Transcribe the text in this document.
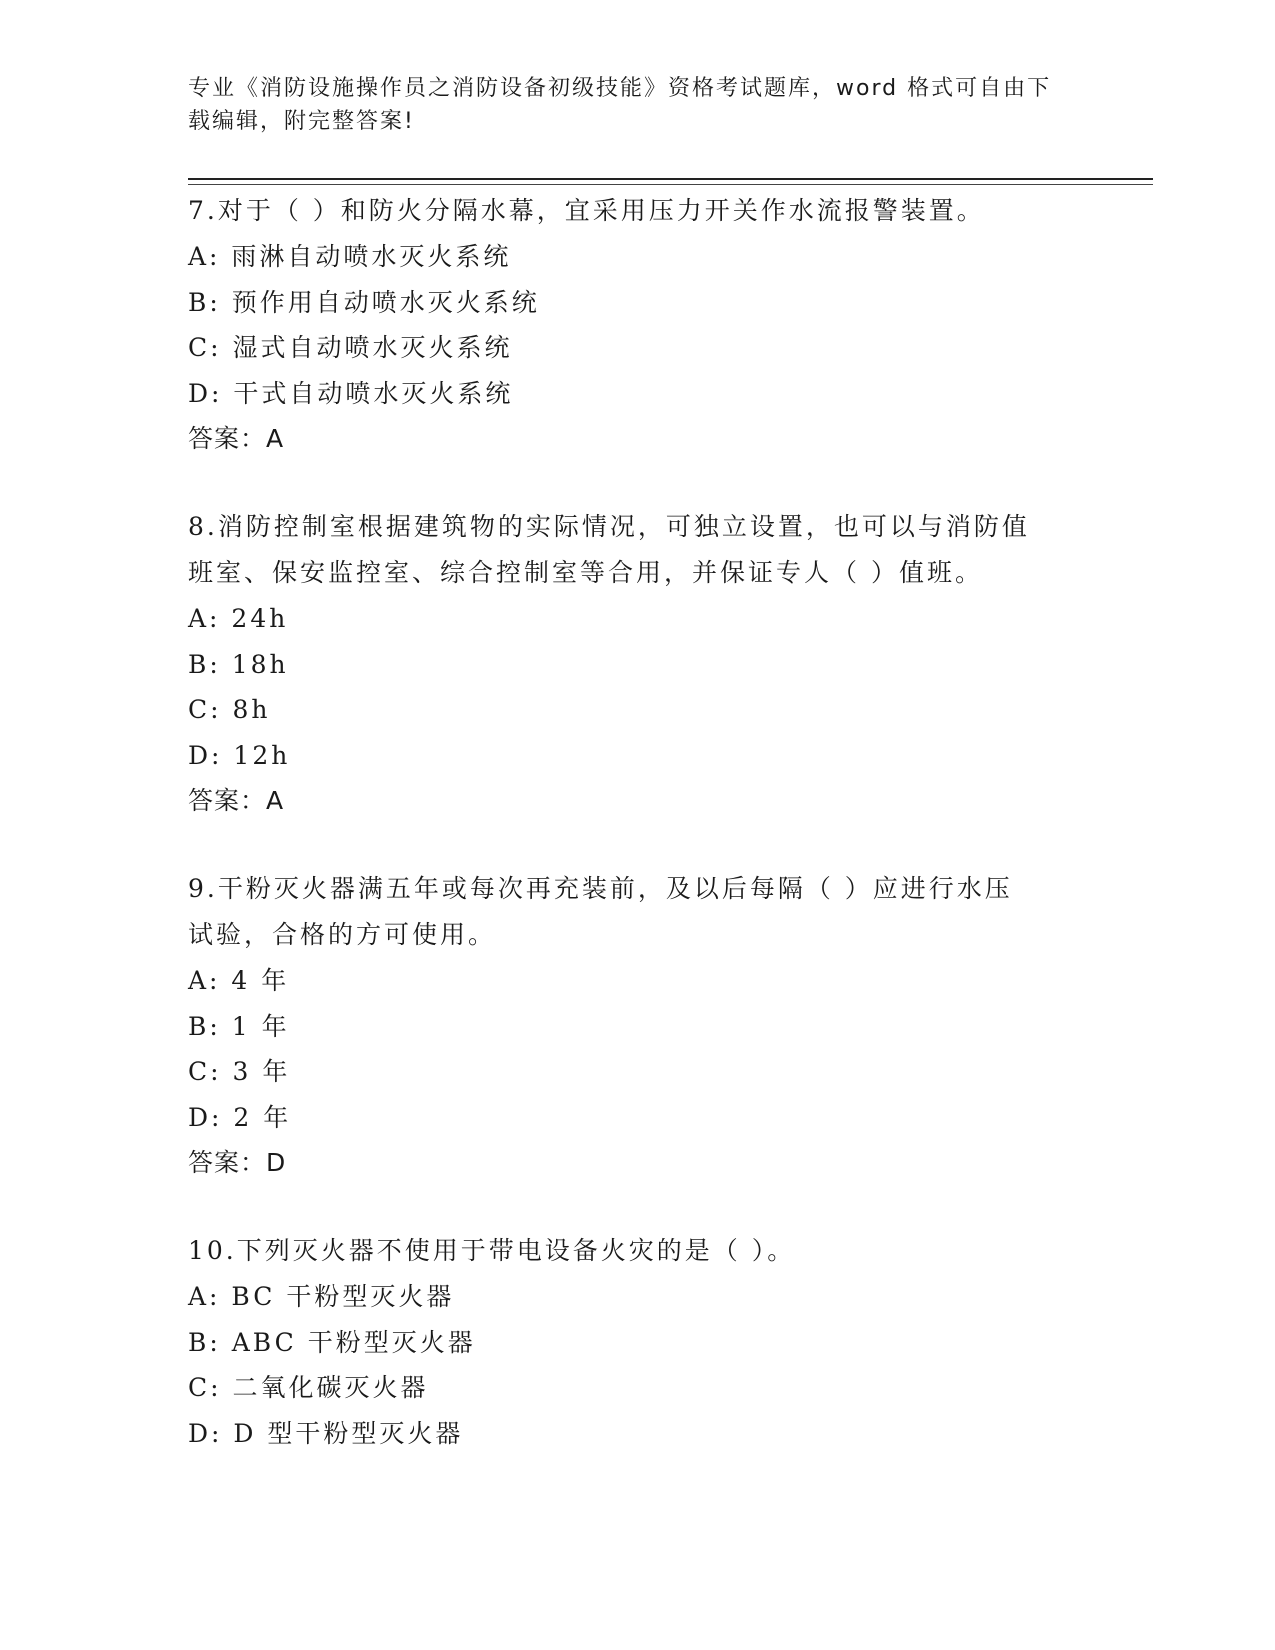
专业《消防设施操作员之消防设备初级技能》资格考试题库，word 格式可自由下
载编辑，附完整答案!
7.对于（ ）和防火分隔水幕，宜采用压力开关作水流报警装置。
A: 雨淋自动喷水灭火系统
B: 预作用自动喷水灭火系统
C: 湿式自动喷水灭火系统
D: 干式自动喷水灭火系统
答案：A
8.消防控制室根据建筑物的实际情况，可独立设置，也可以与消防值
班室、保安监控室、综合控制室等合用，并保证专人（ ）值班。
A: 24h
B: 18h
C: 8h
D: 12h
答案：A
9.干粉灭火器满五年或每次再充装前，及以后每隔（ ）应进行水压
试验，合格的方可使用。
A: 4 年
B: 1 年
C: 3 年
D: 2 年
答案：D
10.下列灭火器不使用于带电设备火灾的是（ ）。
A: BC 干粉型灭火器
B: ABC 干粉型灭火器
C: 二氧化碳灭火器
D: D 型干粉型灭火器
